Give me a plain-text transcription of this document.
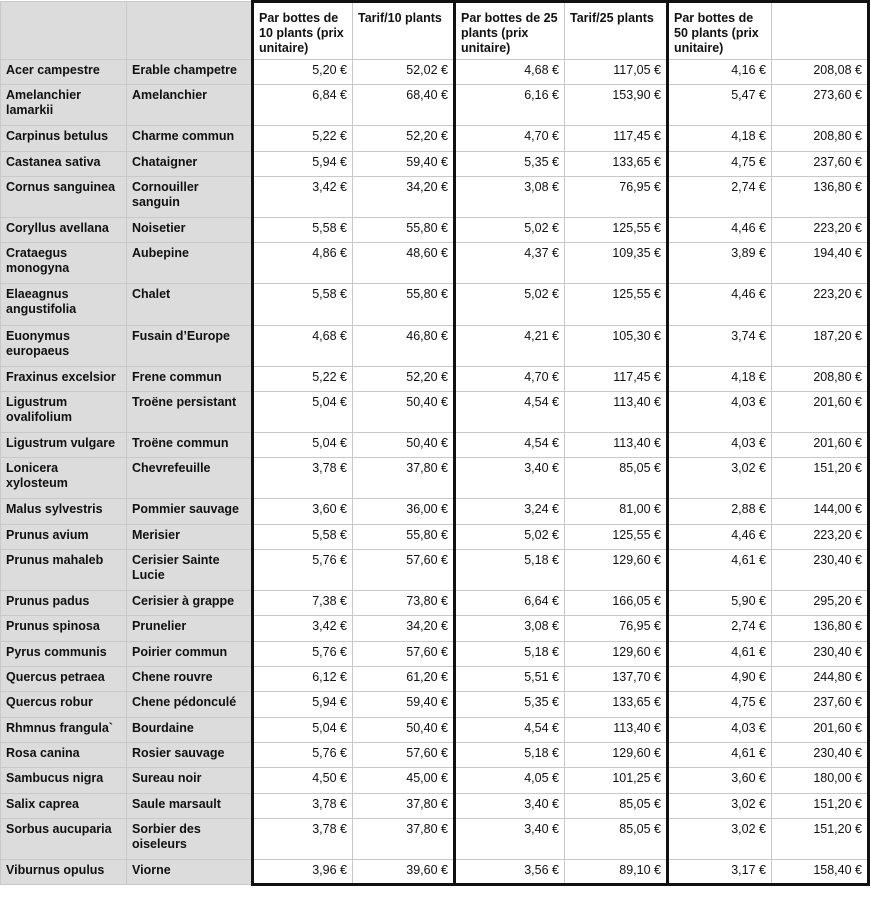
		Par bottes de 10 plants (prix unitaire)	Tarif/10 plants	Par bottes de 25 plants (prix unitaire)	Tarif/25 plants	Par bottes de 50 plants (prix unitaire)	
Acer campestre	Erable champetre	5,20 €	52,02 €	4,68 €	117,05 €	4,16 €	208,08 €
Amelanchier lamarkii	Amelanchier	6,84 €	68,40 €	6,16 €	153,90 €	5,47 €	273,60 €
Carpinus betulus	Charme commun	5,22 €	52,20 €	4,70 €	117,45 €	4,18 €	208,80 €
Castanea sativa	Chataigner	5,94 €	59,40 €	5,35 €	133,65 €	4,75 €	237,60 €
Cornus sanguinea	Cornouiller sanguin	3,42 €	34,20 €	3,08 €	76,95 €	2,74 €	136,80 €
Coryllus avellana	Noisetier	5,58 €	55,80 €	5,02 €	125,55 €	4,46 €	223,20 €
Crataegus monogyna	Aubepine	4,86 €	48,60 €	4,37 €	109,35 €	3,89 €	194,40 €
Elaeagnus angustifolia	Chalet	5,58 €	55,80 €	5,02 €	125,55 €	4,46 €	223,20 €
Euonymus europaeus	Fusain d’Europe	4,68 €	46,80 €	4,21 €	105,30 €	3,74 €	187,20 €
Fraxinus excelsior	Frene commun	5,22 €	52,20 €	4,70 €	117,45 €	4,18 €	208,80 €
Ligustrum ovalifolium	Troëne persistant	5,04 €	50,40 €	4,54 €	113,40 €	4,03 €	201,60 €
Ligustrum vulgare	Troëne commun	5,04 €	50,40 €	4,54 €	113,40 €	4,03 €	201,60 €
Lonicera xylosteum	Chevrefeuille	3,78 €	37,80 €	3,40 €	85,05 €	3,02 €	151,20 €
Malus sylvestris	Pommier sauvage	3,60 €	36,00 €	3,24 €	81,00 €	2,88 €	144,00 €
Prunus avium	Merisier	5,58 €	55,80 €	5,02 €	125,55 €	4,46 €	223,20 €
Prunus mahaleb	Cerisier Sainte Lucie	5,76 €	57,60 €	5,18 €	129,60 €	4,61 €	230,40 €
Prunus padus	Cerisier à grappe	7,38 €	73,80 €	6,64 €	166,05 €	5,90 €	295,20 €
Prunus spinosa	Prunelier	3,42 €	34,20 €	3,08 €	76,95 €	2,74 €	136,80 €
Pyrus communis	Poirier commun	5,76 €	57,60 €	5,18 €	129,60 €	4,61 €	230,40 €
Quercus petraea	Chene rouvre	6,12 €	61,20 €	5,51 €	137,70 €	4,90 €	244,80 €
Quercus robur	Chene pédonculé	5,94 €	59,40 €	5,35 €	133,65 €	4,75 €	237,60 €
Rhmnus frangula`	Bourdaine	5,04 €	50,40 €	4,54 €	113,40 €	4,03 €	201,60 €
Rosa canina	Rosier sauvage	5,76 €	57,60 €	5,18 €	129,60 €	4,61 €	230,40 €
Sambucus nigra	Sureau noir	4,50 €	45,00 €	4,05 €	101,25 €	3,60 €	180,00 €
Salix caprea	Saule marsault	3,78 €	37,80 €	3,40 €	85,05 €	3,02 €	151,20 €
Sorbus aucuparia	Sorbier des oiseleurs	3,78 €	37,80 €	3,40 €	85,05 €	3,02 €	151,20 €
Viburnus opulus	Viorne	3,96 €	39,60 €	3,56 €	89,10 €	3,17 €	158,40 €
